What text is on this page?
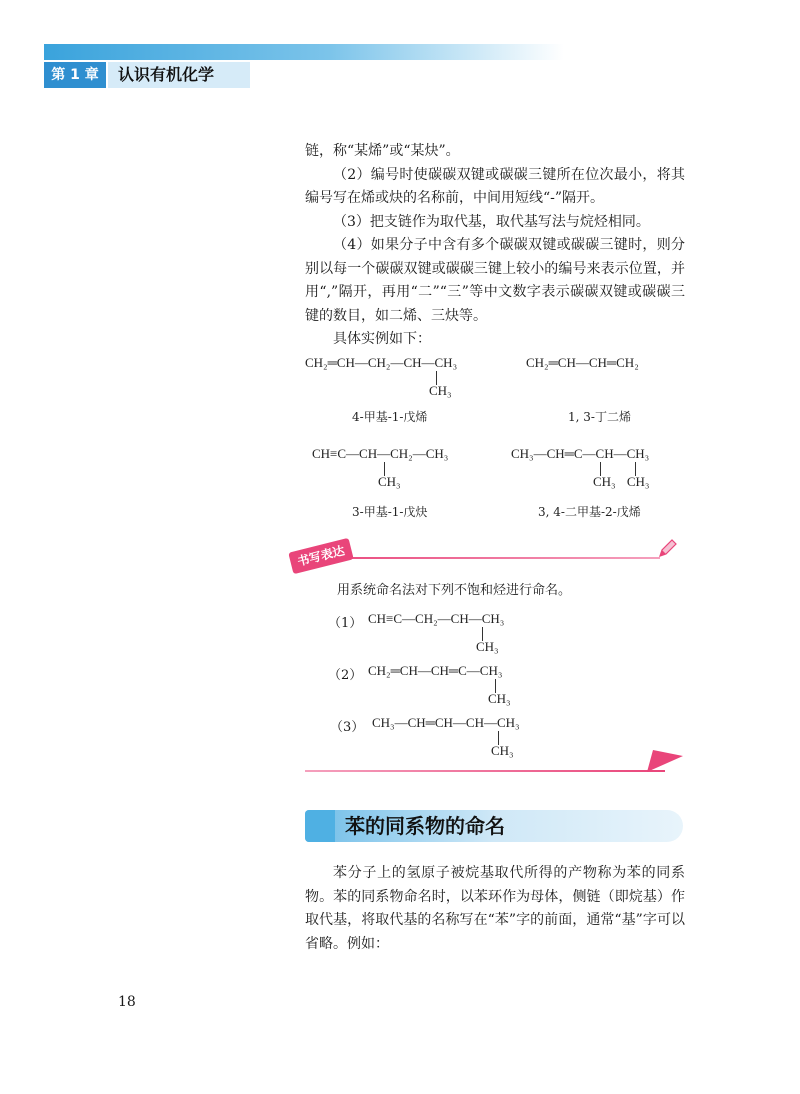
第 1 章	认识有机化学

链，称“某烯”或“某炔”。

（2）编号时使碳碳双键或碳碳三键所在位次最小，将其编号写在烯或炔的名称前，中间用短线“-”隔开。

（3）把支链作为取代基，取代基写法与烷烃相同。

（4）如果分子中含有多个碳碳双键或碳碳三键时，则分别以每一个碳碳双键或碳碳三键上较小的编号来表示位置，并用“,”隔开，再用“二”“三”等中文数字表示碳碳双键或碳碳三键的数目，如二烯、三炔等。

具体实例如下：

CH₂═CH—CH₂—CH—CH₃
CH₃
4-甲基-1-戊烯
CH₂═CH—CH═CH₂
1, 3-丁二烯
CH≡C—CH—CH₂—CH₃
CH₃
3-甲基-1-戊炔
CH₃—CH═C—CH—CH₃
CH₃ CH₃
3, 4-二甲基-2-戊烯
书写表达
用系统命名法对下列不饱和烃进行命名。
（1） CH≡C—CH₂—CH—CH₃
CH₃
（2） CH₂═CH—CH═C—CH₃
CH₃
（3） CH₃—CH═CH—CH—CH₃
CH₃
苯的同系物的命名

苯分子上的氢原子被烷基取代所得的产物称为苯的同系物。苯的同系物命名时，以苯环作为母体，侧链（即烷基）作取代基，将取代基的名称写在“苯”字的前面，通常“基”字可以省略。例如：

18
